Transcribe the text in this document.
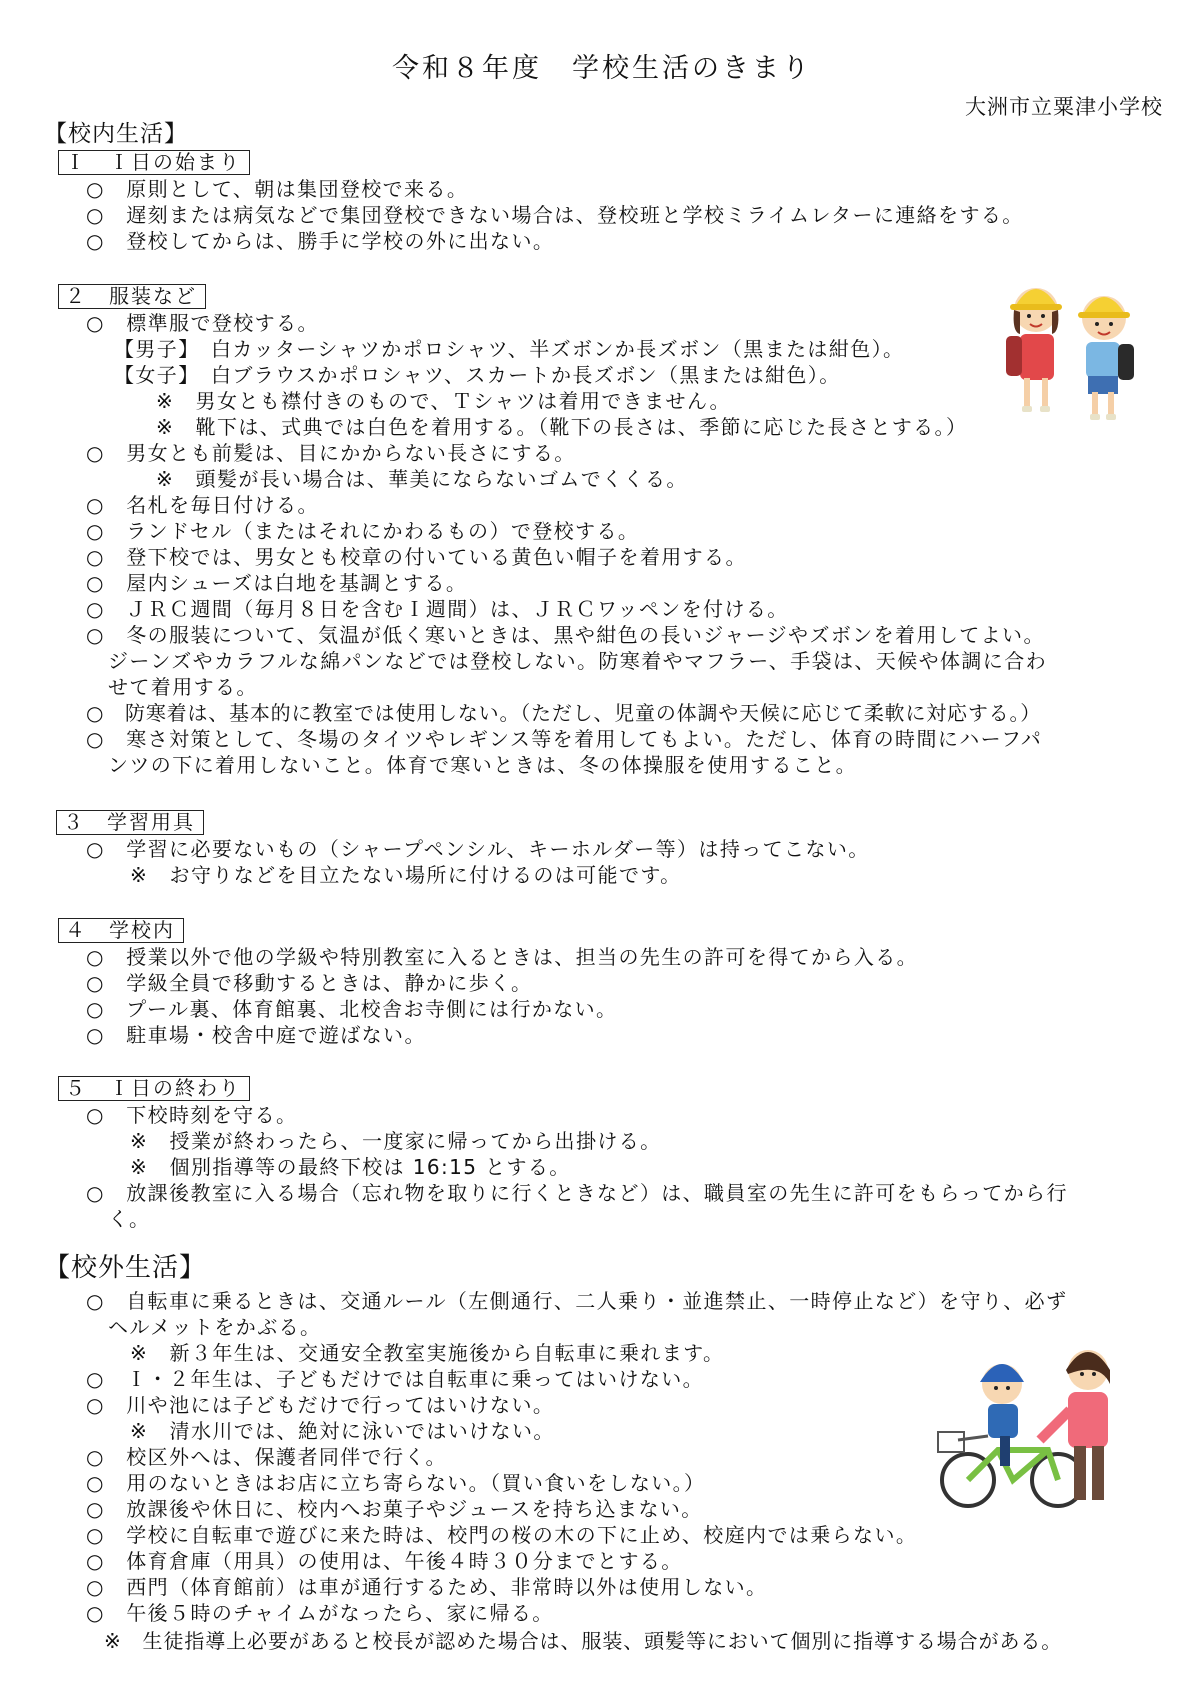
令和８年度　学校生活のきまり
大洲市立粟津小学校
【校内生活】
Ｉ　Ｉ日の始まり
○　原則として、朝は集団登校で来る。
○　遅刻または病気などで集団登校できない場合は、登校班と学校ミライムレターに連絡をする。
○　登校してからは、勝手に学校の外に出ない。
２　服装など
○　標準服で登校する。
【男子】　白カッターシャツかポロシャツ、半ズボンか長ズボン（黒または紺色）。
【女子】　白ブラウスかポロシャツ、スカートか長ズボン（黒または紺色）。
※　男女とも襟付きのもので、Ｔシャツは着用できません。
※　靴下は、式典では白色を着用する。（靴下の長さは、季節に応じた長さとする。）
○　男女とも前髪は、目にかからない長さにする。
※　頭髪が長い場合は、華美にならないゴムでくくる。
○　名札を毎日付ける。
○　ランドセル（またはそれにかわるもの）で登校する。
○　登下校では、男女とも校章の付いている黄色い帽子を着用する。
○　屋内シューズは白地を基調とする。
○　ＪＲＣ週間（毎月８日を含むＩ週間）は、ＪＲＣワッペンを付ける。
○　冬の服装について、気温が低く寒いときは、黒や紺色の長いジャージやズボンを着用してよい。
ジーンズやカラフルな綿パンなどでは登校しない。防寒着やマフラー、手袋は、天候や体調に合わ
せて着用する。
○　防寒着は、基本的に教室では使用しない。（ただし、児童の体調や天候に応じて柔軟に対応する。）
○　寒さ対策として、冬場のタイツやレギンス等を着用してもよい。ただし、体育の時間にハーフパ
ンツの下に着用しないこと。体育で寒いときは、冬の体操服を使用すること。
３　学習用具
○　学習に必要ないもの（シャープペンシル、キーホルダー等）は持ってこない。
※　お守りなどを目立たない場所に付けるのは可能です。
４　学校内
○　授業以外で他の学級や特別教室に入るときは、担当の先生の許可を得てから入る。
○　学級全員で移動するときは、静かに歩く。
○　プール裏、体育館裏、北校舎お寺側には行かない。
○　駐車場・校舎中庭で遊ばない。
５　Ｉ日の終わり
○　下校時刻を守る。
※　授業が終わったら、一度家に帰ってから出掛ける。
※　個別指導等の最終下校は 16:15 とする。
○　放課後教室に入る場合（忘れ物を取りに行くときなど）は、職員室の先生に許可をもらってから行
く。
【校外生活】
○　自転車に乗るときは、交通ルール（左側通行、二人乗り・並進禁止、一時停止など）を守り、必ず
ヘルメットをかぶる。
※　新３年生は、交通安全教室実施後から自転車に乗れます。
○　Ｉ・２年生は、子どもだけでは自転車に乗ってはいけない。
○　川や池には子どもだけで行ってはいけない。
※　清水川では、絶対に泳いではいけない。
○　校区外へは、保護者同伴で行く。
○　用のないときはお店に立ち寄らない。（買い食いをしない。）
○　放課後や休日に、校内へお菓子やジュースを持ち込まない。
○　学校に自転車で遊びに来た時は、校門の桜の木の下に止め、校庭内では乗らない。
○　体育倉庫（用具）の使用は、午後４時３０分までとする。
○　西門（体育館前）は車が通行するため、非常時以外は使用しない。
○　午後５時のチャイムがなったら、家に帰る。
※　生徒指導上必要があると校長が認めた場合は、服装、頭髪等において個別に指導する場合がある。
